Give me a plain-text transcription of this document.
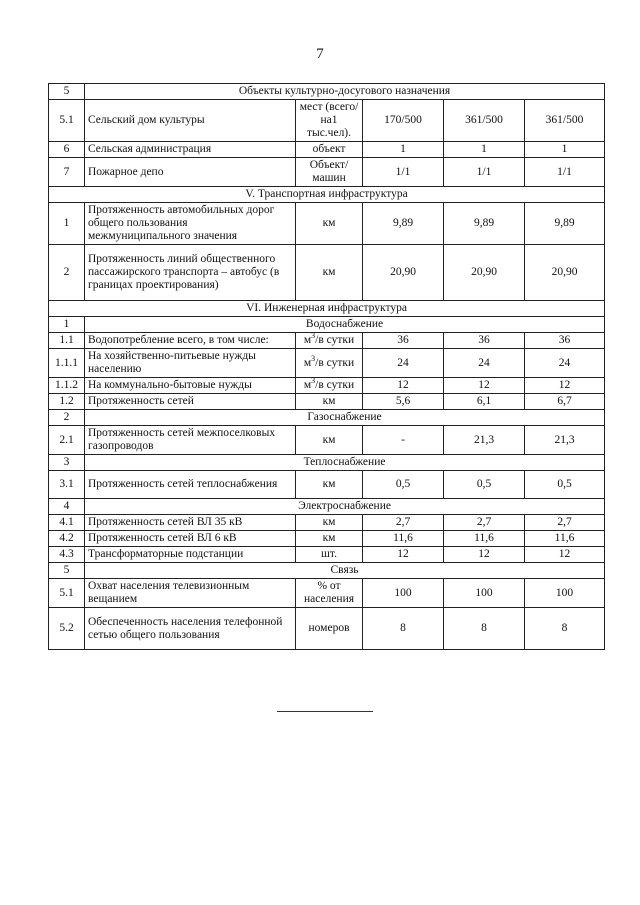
7
5	Объекты культурно-досугового назначения				
5.1	Сельский дом культуры	мест (всего/на1 тыс.чел).	170/500	361/500	361/500
6	Сельская администрация	объект	1	1	1
7	Пожарное депо	Объект/ машин	1/1	1/1	1/1
V. Транспортная инфраструктура					
1	Протяженность автомобильных дорог общего пользования межмуниципального значения	км	9,89	9,89	9,89
2	Протяженность линий общественного пассажирского транспорта – автобус (в границах проектирования)	км	20,90	20,90	20,90
VI. Инженерная инфраструктура					
1	Водоснабжение				
1.1	Водопотребление всего, в том числе:	$м^3/в$ сутки	36	36	36
1.1.1	На хозяйственно-питьевые нужды населению	$м^3/в$ сутки	24	24	24
1.1.2	На коммунально-бытовые нужды	$м^3/в$ сутки	12	12	12
1.2	Протяженность сетей	км	5,6	6,1	6,7
2	Газоснабжение				
2.1	Протяженность сетей межпоселковых газопроводов	км	-	21,3	21,3
3	Теплоснабжение				
3.1	Протяженность сетей теплоснабжения	км	0,5	0,5	0,5
4	Электроснабжение				
4.1	Протяженность сетей ВЛ 35 кВ	км	2,7	2,7	2,7
4.2	Протяженность сетей ВЛ 6 кВ	км	11,6	11,6	11,6
4.3	Трансформаторные подстанции	шт.	12	12	12
5	Связь				
5.1	Охват населения телевизионным вещанием	% от населения	100	100	100
5.2	Обеспеченность населения телефонной сетью общего пользования	номеров	8	8	8
